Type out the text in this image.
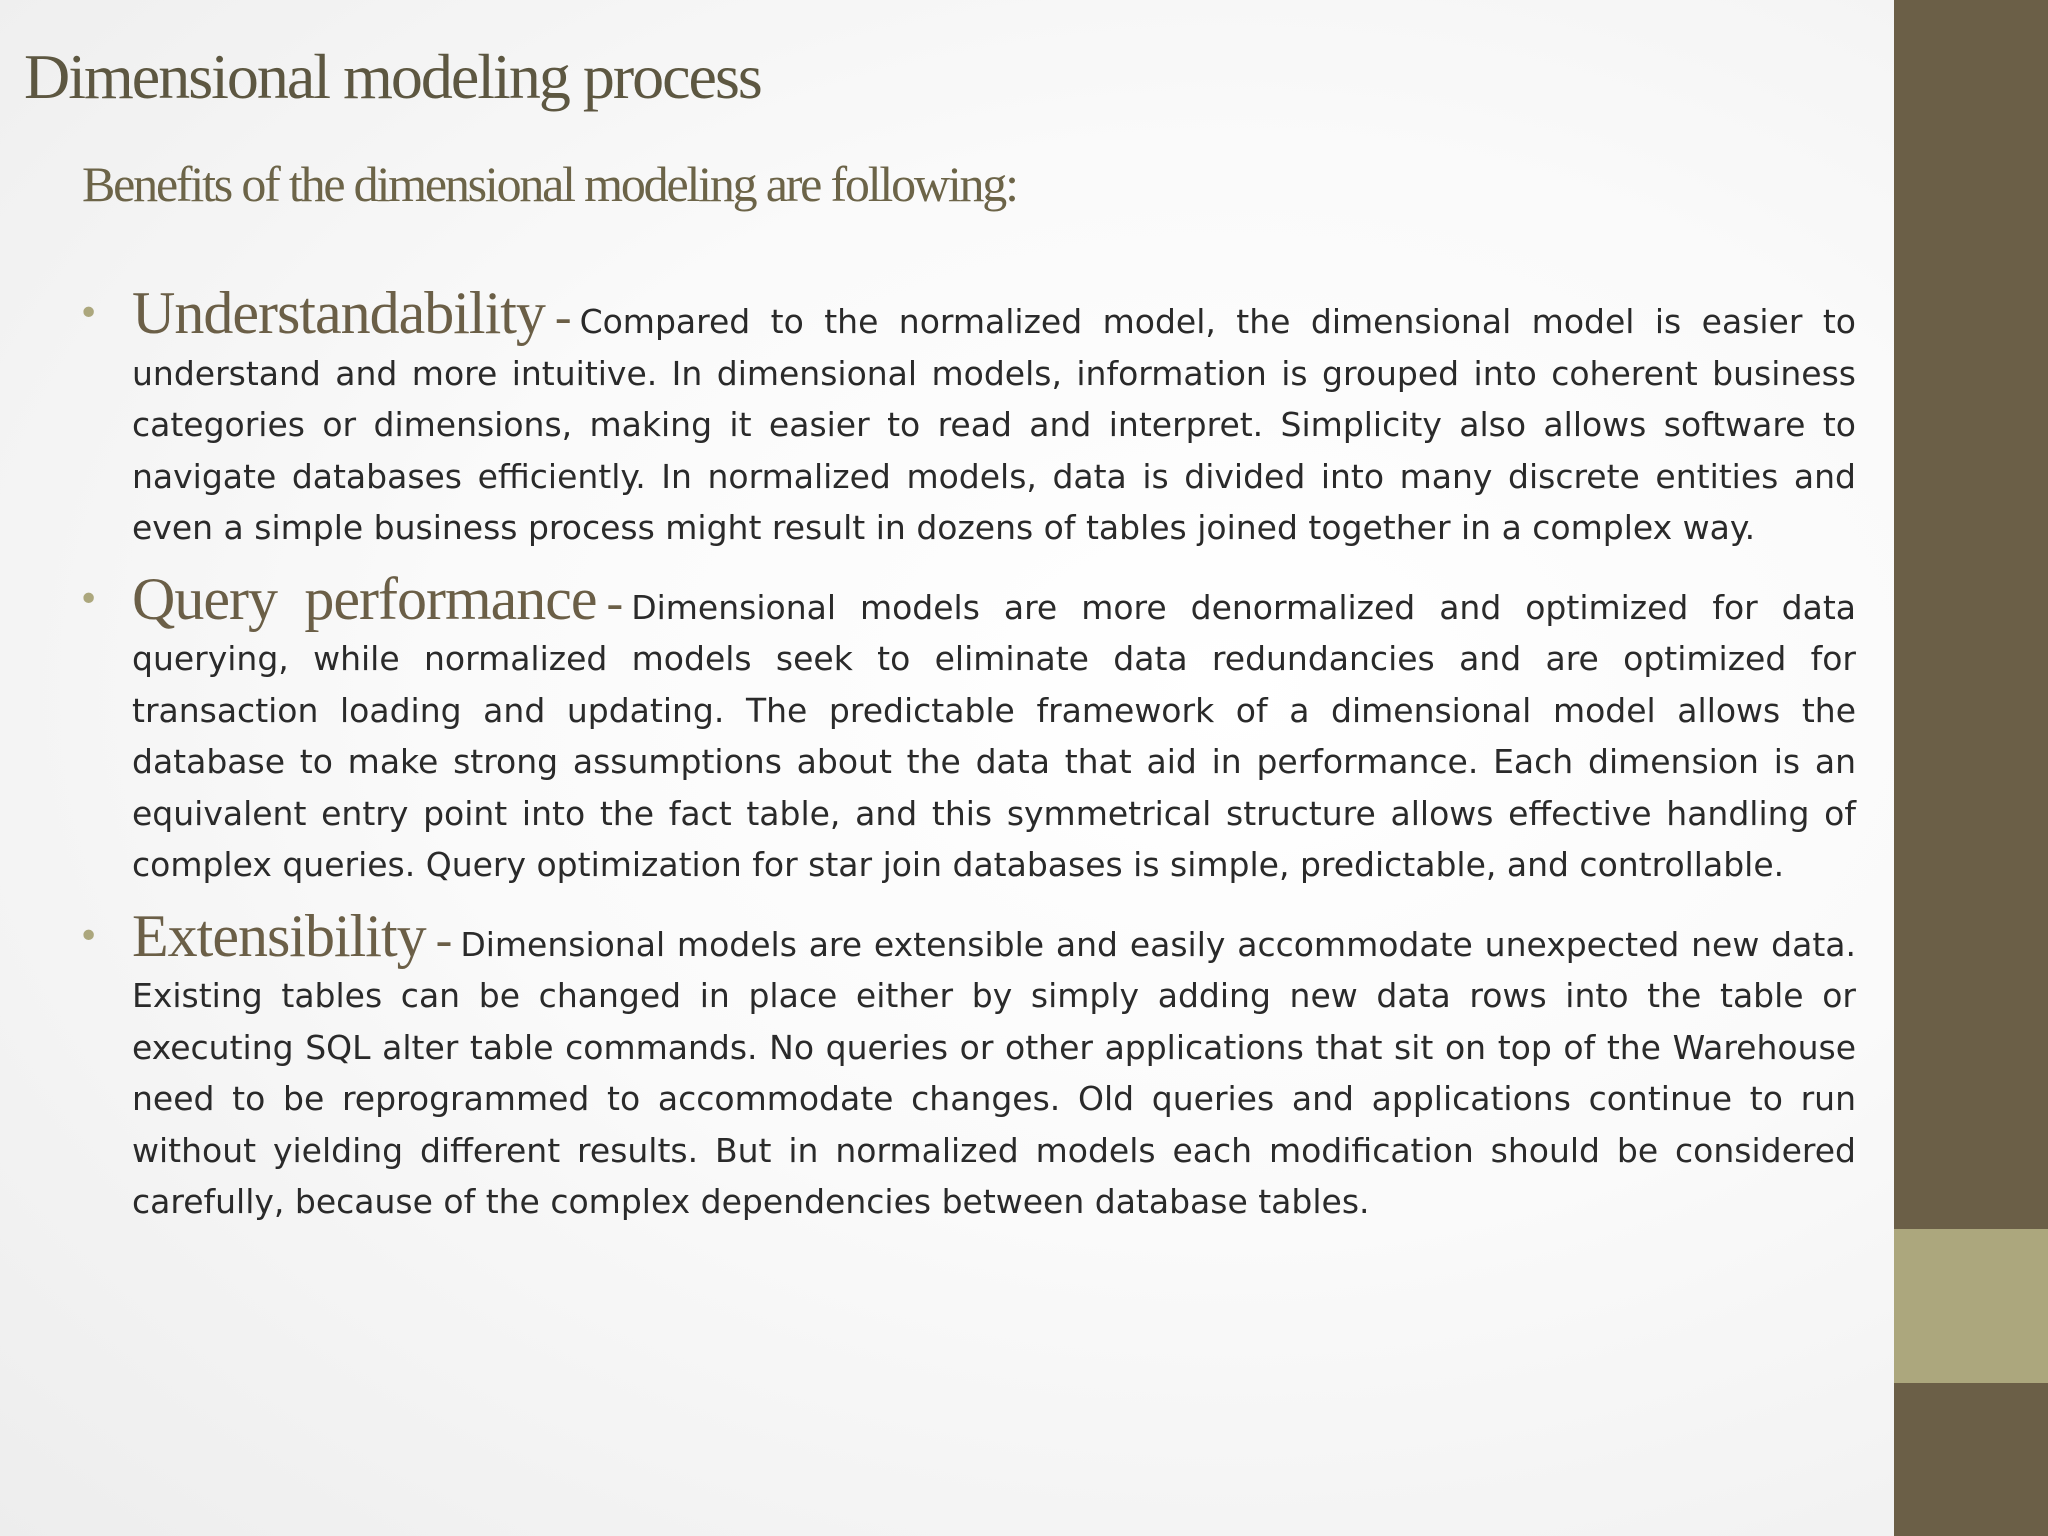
Dimensional modeling process
Benefits of the dimensional modeling are following:
• Understandability - Compared to the normalized model, the dimensional model is easier to understand and more intuitive. In dimensional models, information is grouped into coherent business categories or dimensions, making it easier to read and interpret. Simplicity also allows software to navigate databases efficiently. In normalized models, data is divided into many discrete entities and even a simple business process might result in dozens of tables joined together in a complex way.
• Query performance - Dimensional models are more denormalized and optimized for data querying, while normalized models seek to eliminate data redundancies and are optimized for transaction loading and updating. The predictable framework of a dimensional model allows the database to make strong assumptions about the data that aid in performance. Each dimension is an equivalent entry point into the fact table, and this symmetrical structure allows effective handling of complex queries. Query optimization for star join databases is simple, predictable, and controllable.
• Extensibility - Dimensional models are extensible and easily accommodate unexpected new data. Existing tables can be changed in place either by simply adding new data rows into the table or executing SQL alter table commands. No queries or other applications that sit on top of the Warehouse need to be reprogrammed to accommodate changes. Old queries and applications continue to run without yielding different results. But in normalized models each modification should be considered carefully, because of the complex dependencies between database tables.
